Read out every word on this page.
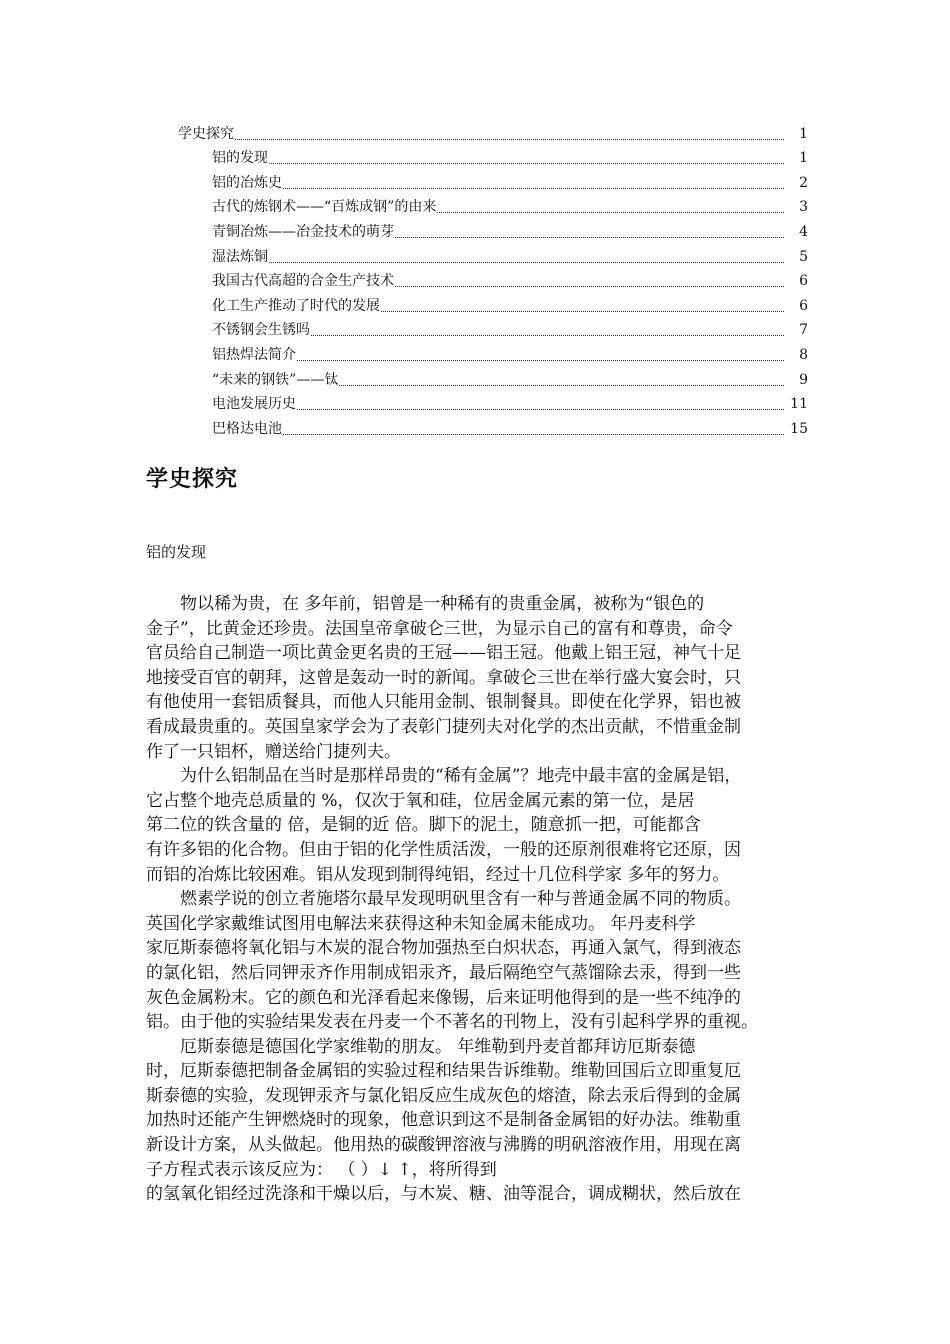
学史探究	1
铝的发现	1
铝的冶炼史	2
古代的炼钢术——“百炼成钢”的由来	3
青铜冶炼——冶金技术的萌芽	4
湿法炼铜	5
我国古代高超的合金生产技术	6
化工生产推动了时代的发展	6
不锈钢会生锈吗	7
铝热焊法简介	8
“未来的钢铁”——钛	9
电池发展历史	11
巴格达电池	15
学史探究
铝的发现
物以稀为贵，在 多年前，铝曾是一种稀有的贵重金属，被称为“银色的
金子”，比黄金还珍贵。法国皇帝拿破仑三世，为显示自己的富有和尊贵，命令
官员给自己制造一项比黄金更名贵的王冠——铝王冠。他戴上铝王冠，神气十足
地接受百官的朝拜，这曾是轰动一时的新闻。拿破仑三世在举行盛大宴会时，只
有他使用一套铝质餐具，而他人只能用金制、银制餐具。即使在化学界，铝也被
看成最贵重的。英国皇家学会为了表彰门捷列夫对化学的杰出贡献，不惜重金制
作了一只铝杯，赠送给门捷列夫。
为什么铝制品在当时是那样昂贵的“稀有金属”？地壳中最丰富的金属是铝，
它占整个地壳总质量的 %，仅次于氧和硅，位居金属元素的第一位，是居
第二位的铁含量的 倍，是铜的近 倍。脚下的泥土，随意抓一把，可能都含
有许多铝的化合物。但由于铝的化学性质活泼，一般的还原剂很难将它还原，因
而铝的冶炼比较困难。铝从发现到制得纯铝，经过十几位科学家 多年的努力。
燃素学说的创立者施塔尔最早发现明矾里含有一种与普通金属不同的物质。
英国化学家戴维试图用电解法来获得这种未知金属未能成功。 年丹麦科学
家厄斯泰德将氧化铝与木炭的混合物加强热至白炽状态，再通入氯气，得到液态
的氯化铝，然后同钾汞齐作用制成铝汞齐，最后隔绝空气蒸馏除去汞，得到一些
灰色金属粉末。它的颜色和光泽看起来像锡，后来证明他得到的是一些不纯净的
铝。由于他的实验结果发表在丹麦一个不著名的刊物上，没有引起科学界的重视。
厄斯泰德是德国化学家维勒的朋友。 年维勒到丹麦首都拜访厄斯泰德
时，厄斯泰德把制备金属铝的实验过程和结果告诉维勒。维勒回国后立即重复厄
斯泰德的实验，发现钾汞齐与氯化铝反应生成灰色的熔渣，除去汞后得到的金属
加热时还能产生钾燃烧时的现象，他意识到这不是制备金属铝的好办法。维勒重
新设计方案，从头做起。他用热的碳酸钾溶液与沸腾的明矾溶液作用，用现在离
子方程式表示该反应为： （ ）↓ ↑，将所得到
的氢氧化铝经过洗涤和干燥以后，与木炭、糖、油等混合，调成糊状，然后放在
